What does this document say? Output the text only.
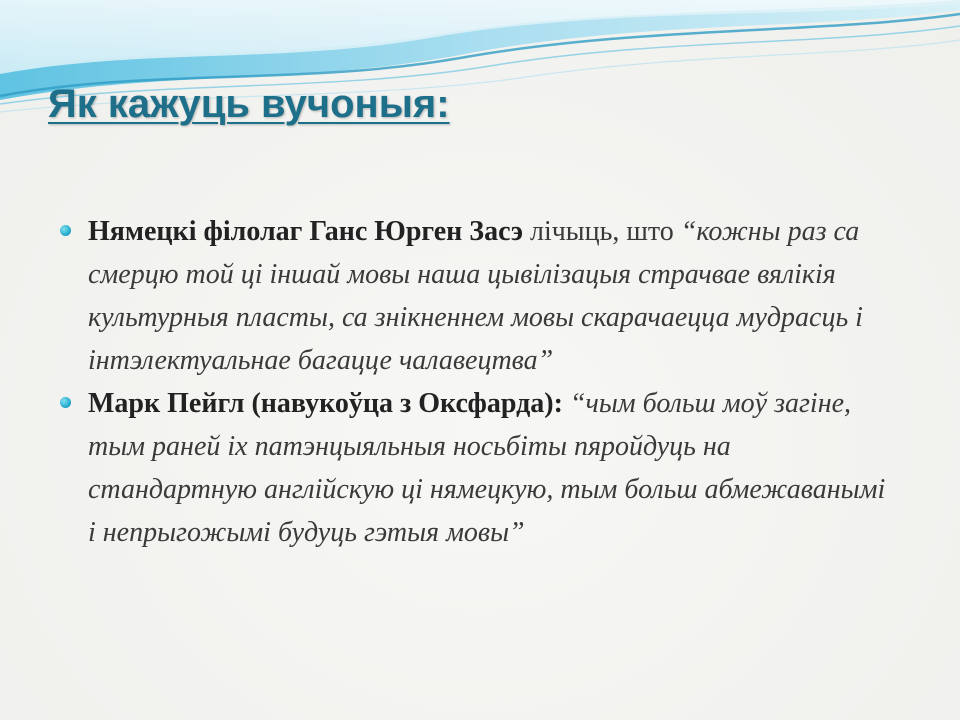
Як кажуць вучоныя:
Нямецкі філолаг Ганс Юрген Засэ лічыць, што “кожны раз са смерцю той ці іншай мовы наша цывілізацыя страчвае вялікія культурныя пласты, са знікненнем мовы скарачаецца мудрасць і інтэлектуальнае багацце чалавецтва”
Марк Пейгл (навукоўца з Оксфарда): “чым больш моў загіне, тым раней іх патэнцыяльныя носьбіты пяройдуць на стандартную англійскую ці нямецкую, тым больш абмежаванымі і непрыгожымі будуць гэтыя мовы”
